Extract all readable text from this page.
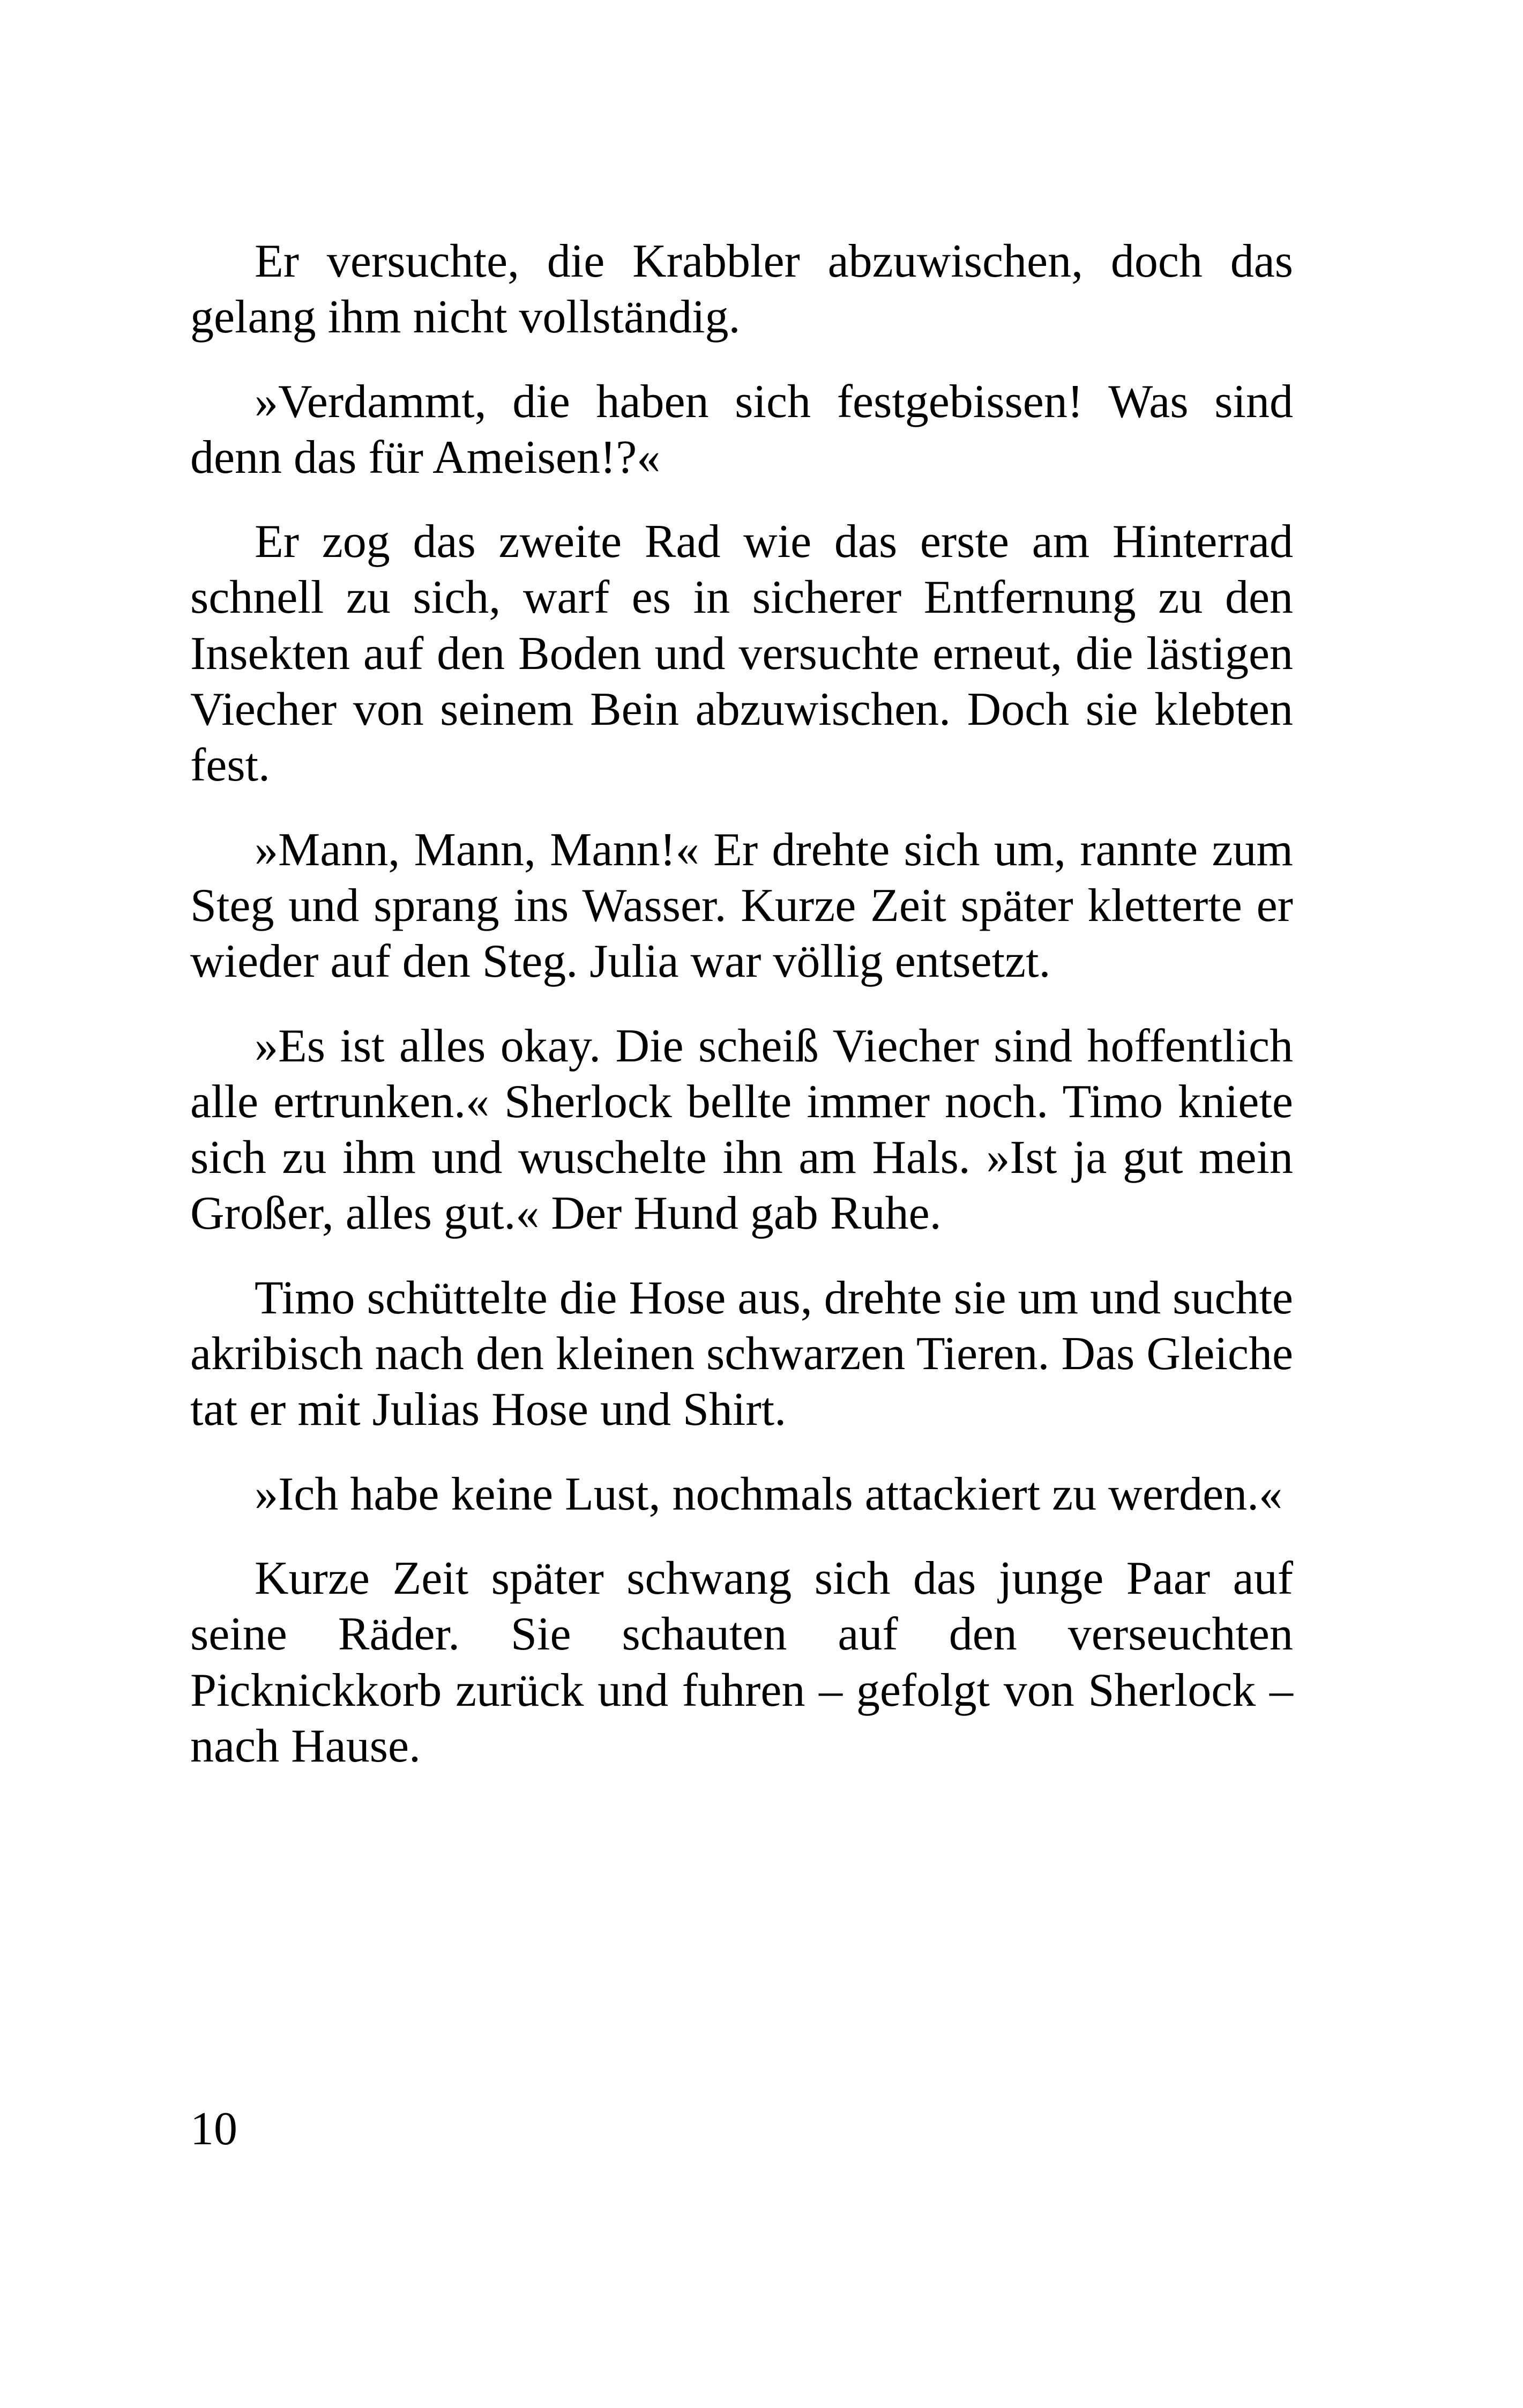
Er versuchte, die Krabbler abzuwischen, doch das gelang ihm nicht vollständig.

»Verdammt, die haben sich festgebissen! Was sind denn das für Ameisen!?«

Er zog das zweite Rad wie das erste am Hinterrad schnell zu sich, warf es in sicherer Entfernung zu den Insekten auf den Boden und versuchte erneut, die lästigen Viecher von seinem Bein abzuwischen. Doch sie klebten fest.

»Mann, Mann, Mann!« Er drehte sich um, rannte zum Steg und sprang ins Wasser. Kurze Zeit später kletterte er wieder auf den Steg. Julia war völlig entsetzt.

»Es ist alles okay. Die scheiß Viecher sind hoffentlich alle ertrunken.« Sherlock bellte immer noch. Timo kniete sich zu ihm und wuschelte ihn am Hals. »Ist ja gut mein Großer, alles gut.« Der Hund gab Ruhe.

Timo schüttelte die Hose aus, drehte sie um und suchte akribisch nach den kleinen schwarzen Tieren. Das Gleiche tat er mit Julias Hose und Shirt.

»Ich habe keine Lust, nochmals attackiert zu werden.«

Kurze Zeit später schwang sich das junge Paar auf seine Räder. Sie schauten auf den verseuchten Picknickkorb zurück und fuhren – gefolgt von Sherlock – nach Hause.

10
